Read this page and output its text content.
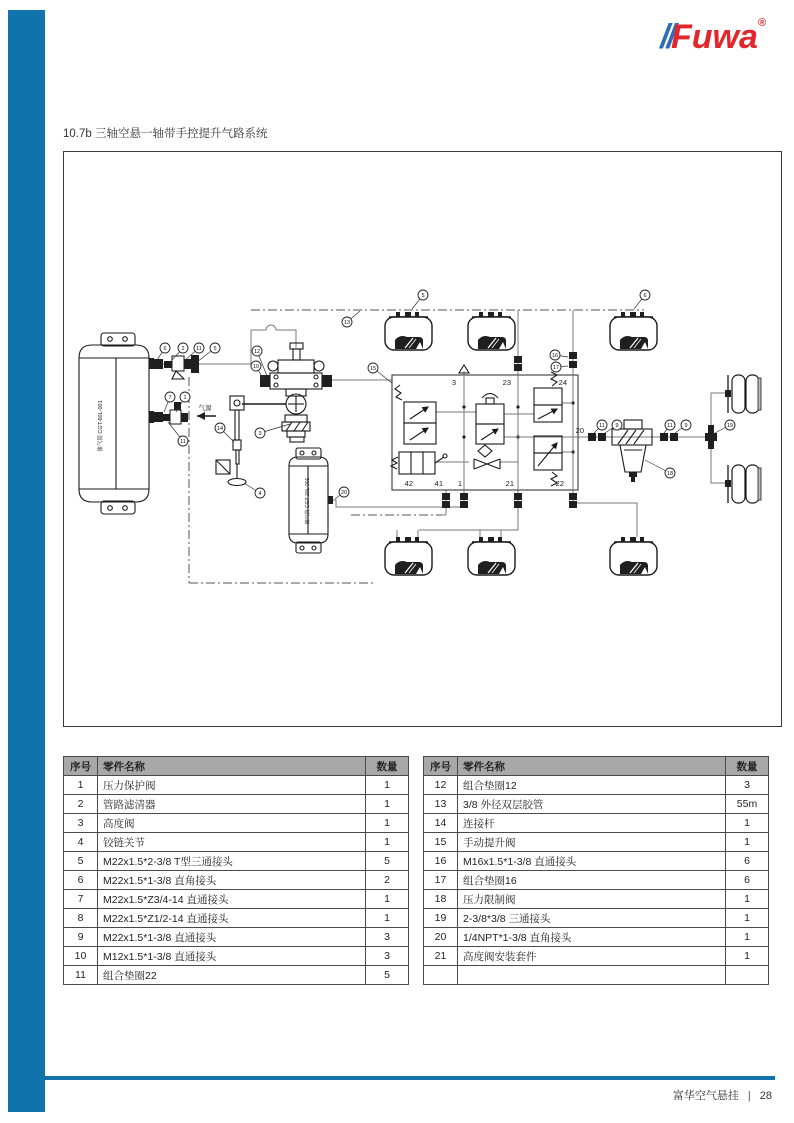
//Fuwa®
10.7b 三轴空悬一轴带手控提升气路系统
储气筒 CGT-60L-001
储气筒 CGT-20L-001
气源
3	23	24
42	41 1	21	22
20
6	2 11 5
7 1
11
12
10
3
14
4
13
15
20
5	6
16
17
11 9	11 9
18
19
序号	零件名称	数量
1	压力保护阀	1
2	管路滤清器	1
3	高度阀	1
4	铰链关节	1
5	M22x1.5*2-3/8 T型三通接头	5
6	M22x1.5*1-3/8 直角接头	2
7	M22x1.5*Z3/4-14 直通接头	1
8	M22x1.5*Z1/2-14 直通接头	1
9	M22x1.5*1-3/8 直通接头	3
10	M12x1.5*1-3/8 直通接头	3
11	组合垫圈22	5
序号	零件名称	数量
12	组合垫圈12	3
13	3/8 外径双层胶管	55m
14	连接杆	1
15	手动提升阀	1
16	M16x1.5*1-3/8 直通接头	6
17	组合垫圈16	6
18	压力限制阀	1
19	2-3/8*3/8 三通接头	1
20	1/4NPT*1-3/8 直角接头	1
21	高度阀安装套件	1

富华空气悬挂 | 28
